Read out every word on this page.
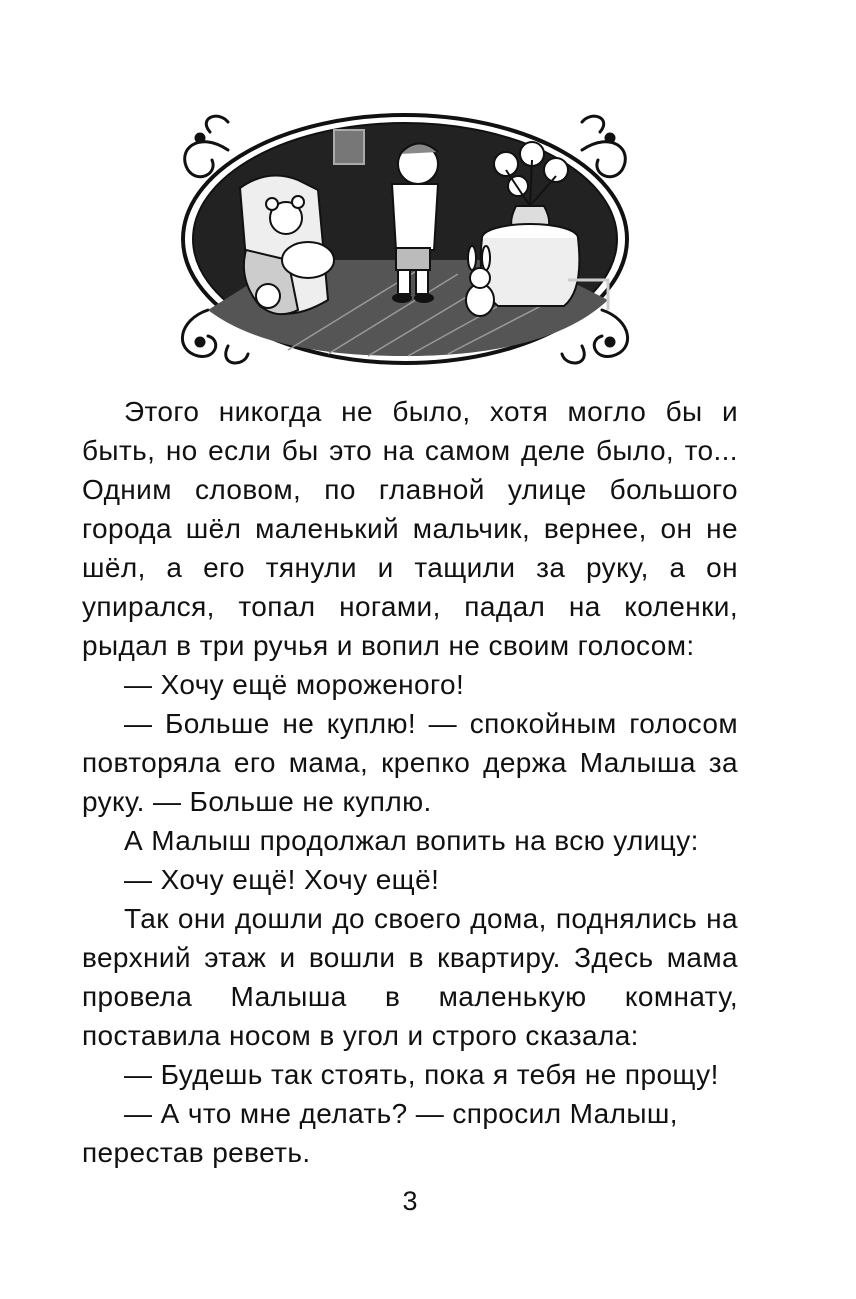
Этого никогда не было, хотя могло бы и быть, но если бы это на самом деле было, то... Одним словом, по главной улице большого города шёл маленький мальчик, вернее, он не шёл, а его тянули и тащили за руку, а он упирался, топал ногами, падал на коленки, рыдал в три ручья и вопил не своим голосом:

— Хочу ещё мороженого!

— Больше не куплю! — спокойным голосом повторяла его мама, крепко держа Малыша за руку. — Больше не куплю.

А Малыш продолжал вопить на всю улицу:

— Хочу ещё! Хочу ещё!

Так они дошли до своего дома, поднялись на верхний этаж и вошли в квартиру. Здесь мама провела Малыша в маленькую комнату, поставила носом в угол и строго сказала:

— Будешь так стоять, пока я тебя не прощу!

— А что мне делать? — спросил Малыш, перестав реветь.

3
